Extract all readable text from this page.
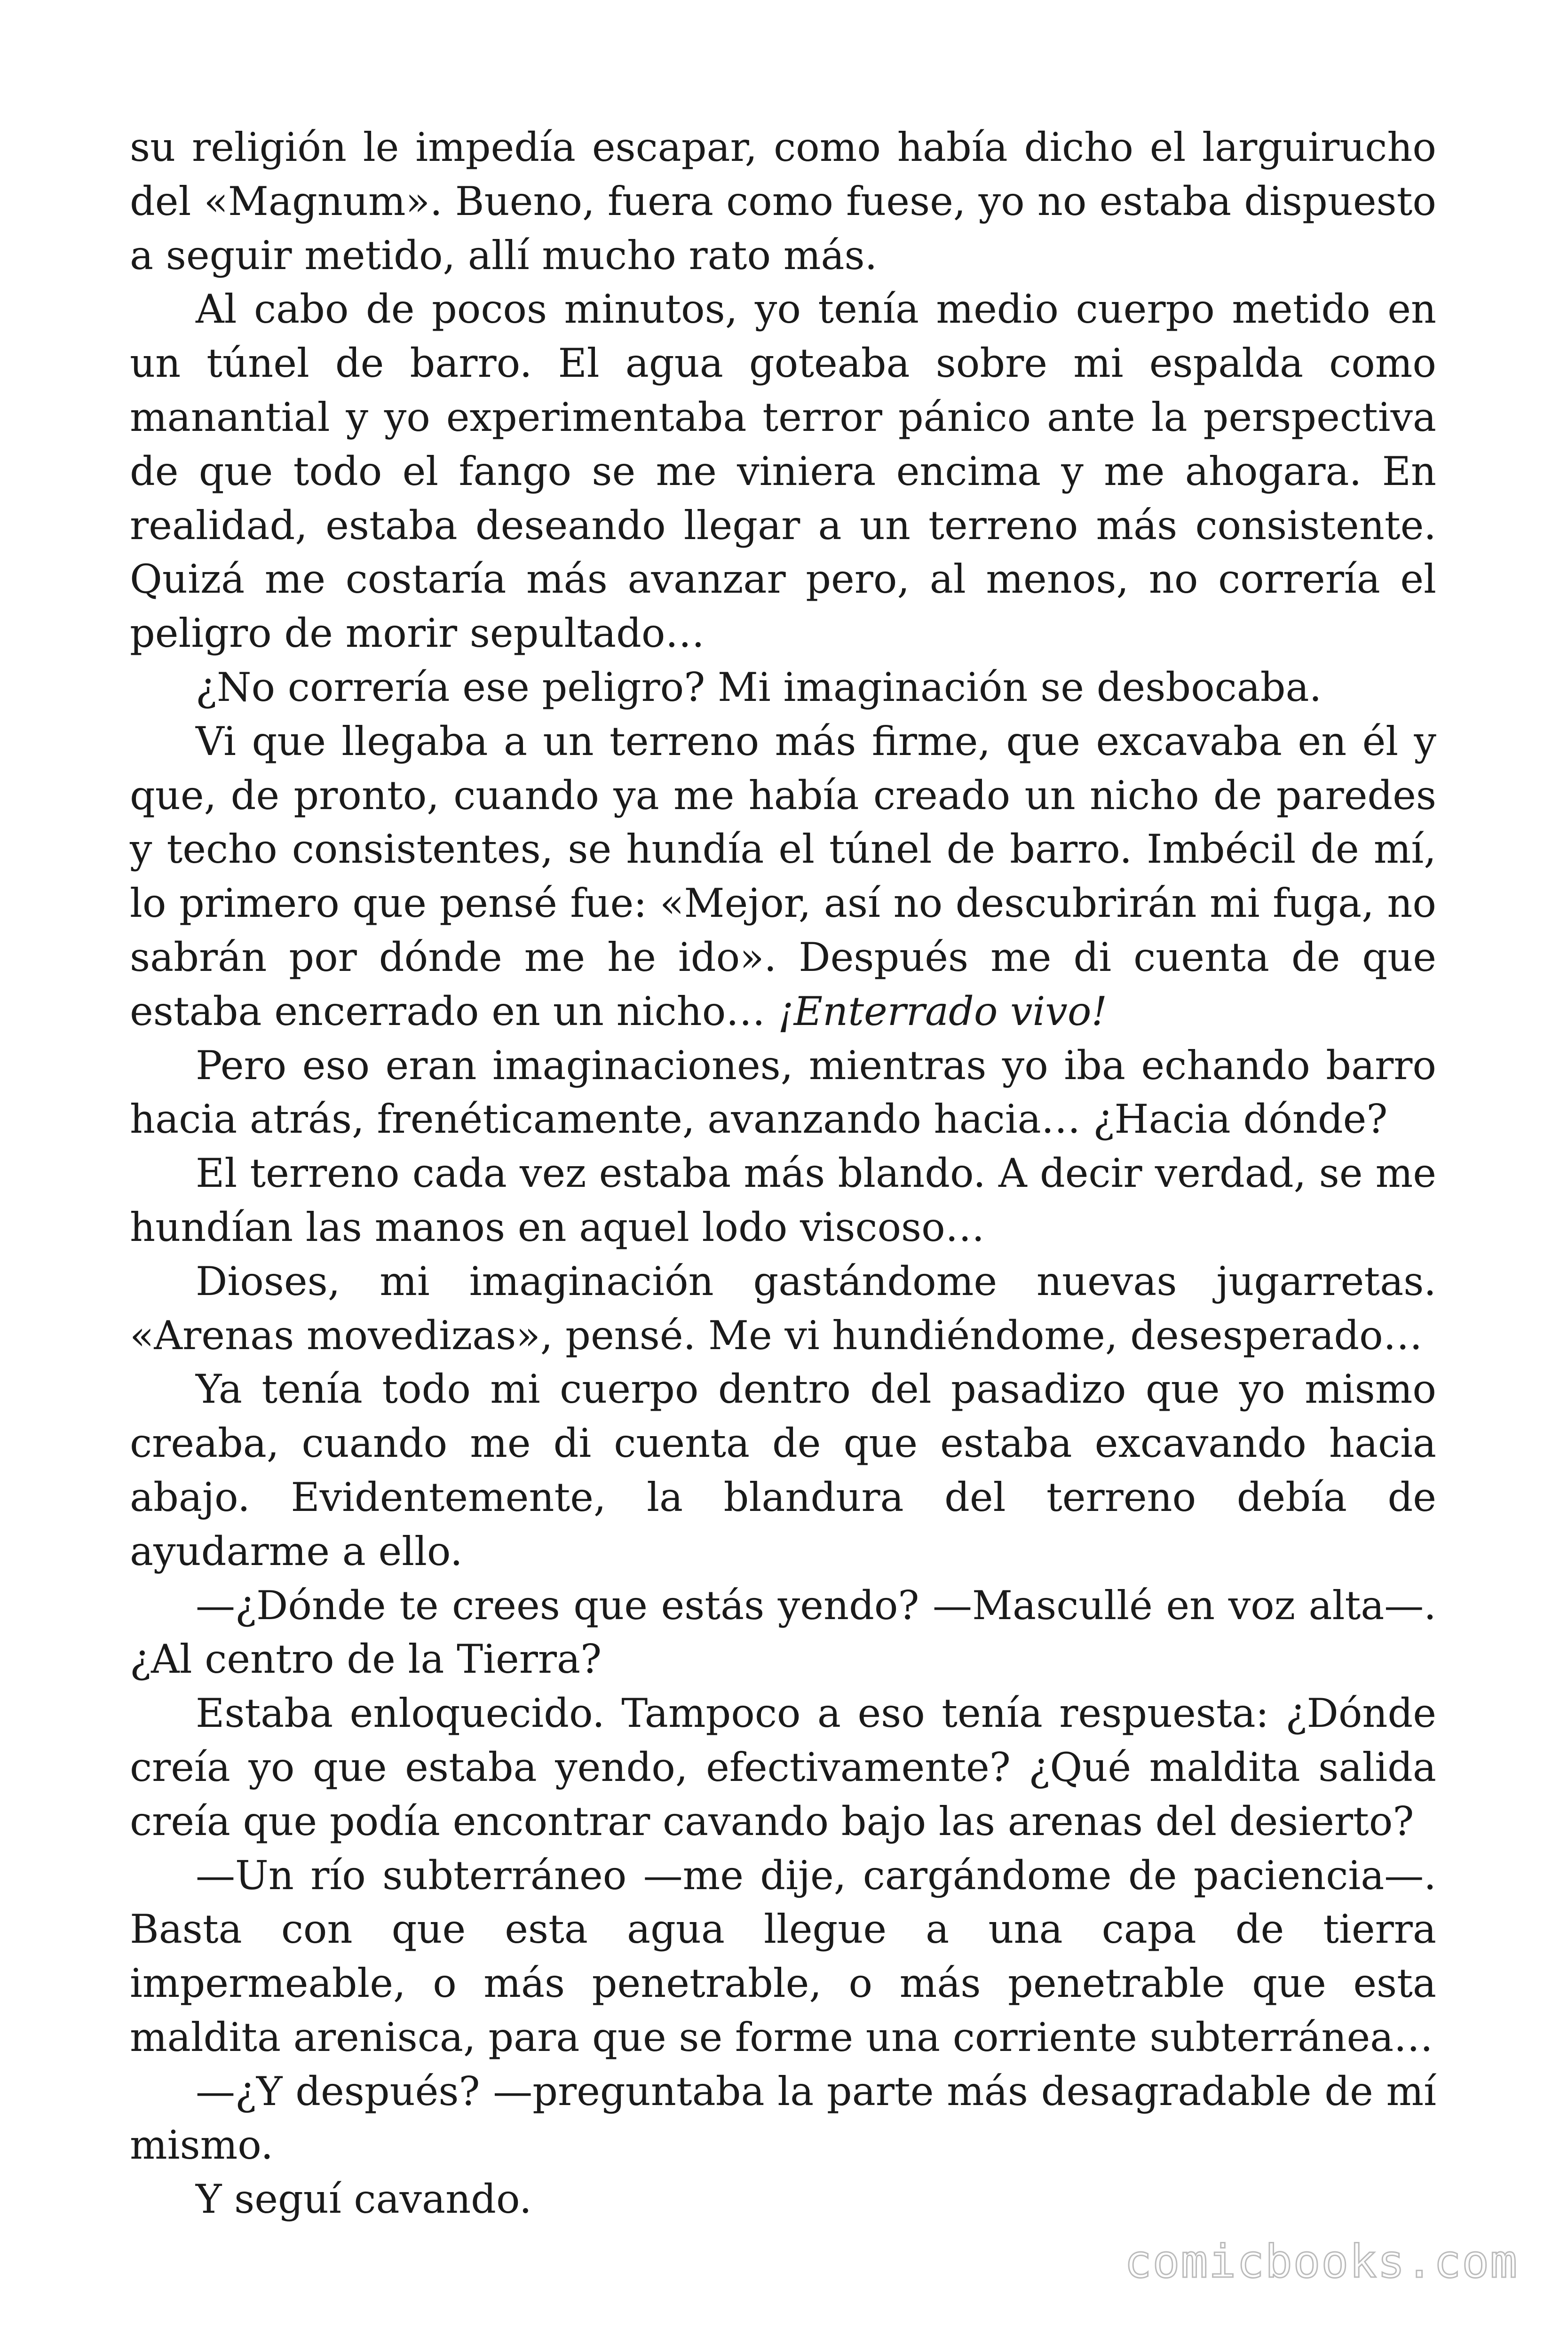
su religión le impedía escapar, como había dicho el larguirucho del «Magnum». Bueno, fuera como fuese, yo no estaba dispuesto a seguir metido, allí mucho rato más.

Al cabo de pocos minutos, yo tenía medio cuerpo metido en un túnel de barro. El agua goteaba sobre mi espalda como manantial y yo experimentaba terror pánico ante la perspectiva de que todo el fango se me viniera encima y me ahogara. En realidad, estaba deseando llegar a un terreno más consistente. Quizá me costaría más avanzar pero, al menos, no correría el peligro de morir sepultado…

¿No correría ese peligro? Mi imaginación se desbocaba.

Vi que llegaba a un terreno más firme, que excavaba en él y que, de pronto, cuando ya me había creado un nicho de paredes y techo consistentes, se hundía el túnel de barro. Imbécil de mí, lo primero que pensé fue: «Mejor, así no descubrirán mi fuga, no sabrán por dónde me he ido». Después me di cuenta de que estaba encerrado en un nicho… ¡Enterrado vivo!

Pero eso eran imaginaciones, mientras yo iba echando barro hacia atrás, frenéticamente, avanzando hacia… ¿Hacia dónde?

El terreno cada vez estaba más blando. A decir verdad, se me hundían las manos en aquel lodo viscoso…

Dioses, mi imaginación gastándome nuevas jugarretas. «Arenas movedizas», pensé. Me vi hundiéndome, desesperado…

Ya tenía todo mi cuerpo dentro del pasadizo que yo mismo creaba, cuando me di cuenta de que estaba excavando hacia abajo. Evidentemente, la blandura del terreno debía de ayudarme a ello.

—¿Dónde te crees que estás yendo? —Mascullé en voz alta—. ¿Al centro de la Tierra?

Estaba enloquecido. Tampoco a eso tenía respuesta: ¿Dónde creía yo que estaba yendo, efectivamente? ¿Qué maldita salida creía que podía encontrar cavando bajo las arenas del desierto?

—Un río subterráneo —me dije, cargándome de paciencia—. Basta con que esta agua llegue a una capa de tierra impermeable, o más penetrable, o más penetrable que esta maldita arenisca, para que se forme una corriente subterránea…

—¿Y después? —preguntaba la parte más desagradable de mí mismo.

Y seguí cavando.

comicbooks.com
